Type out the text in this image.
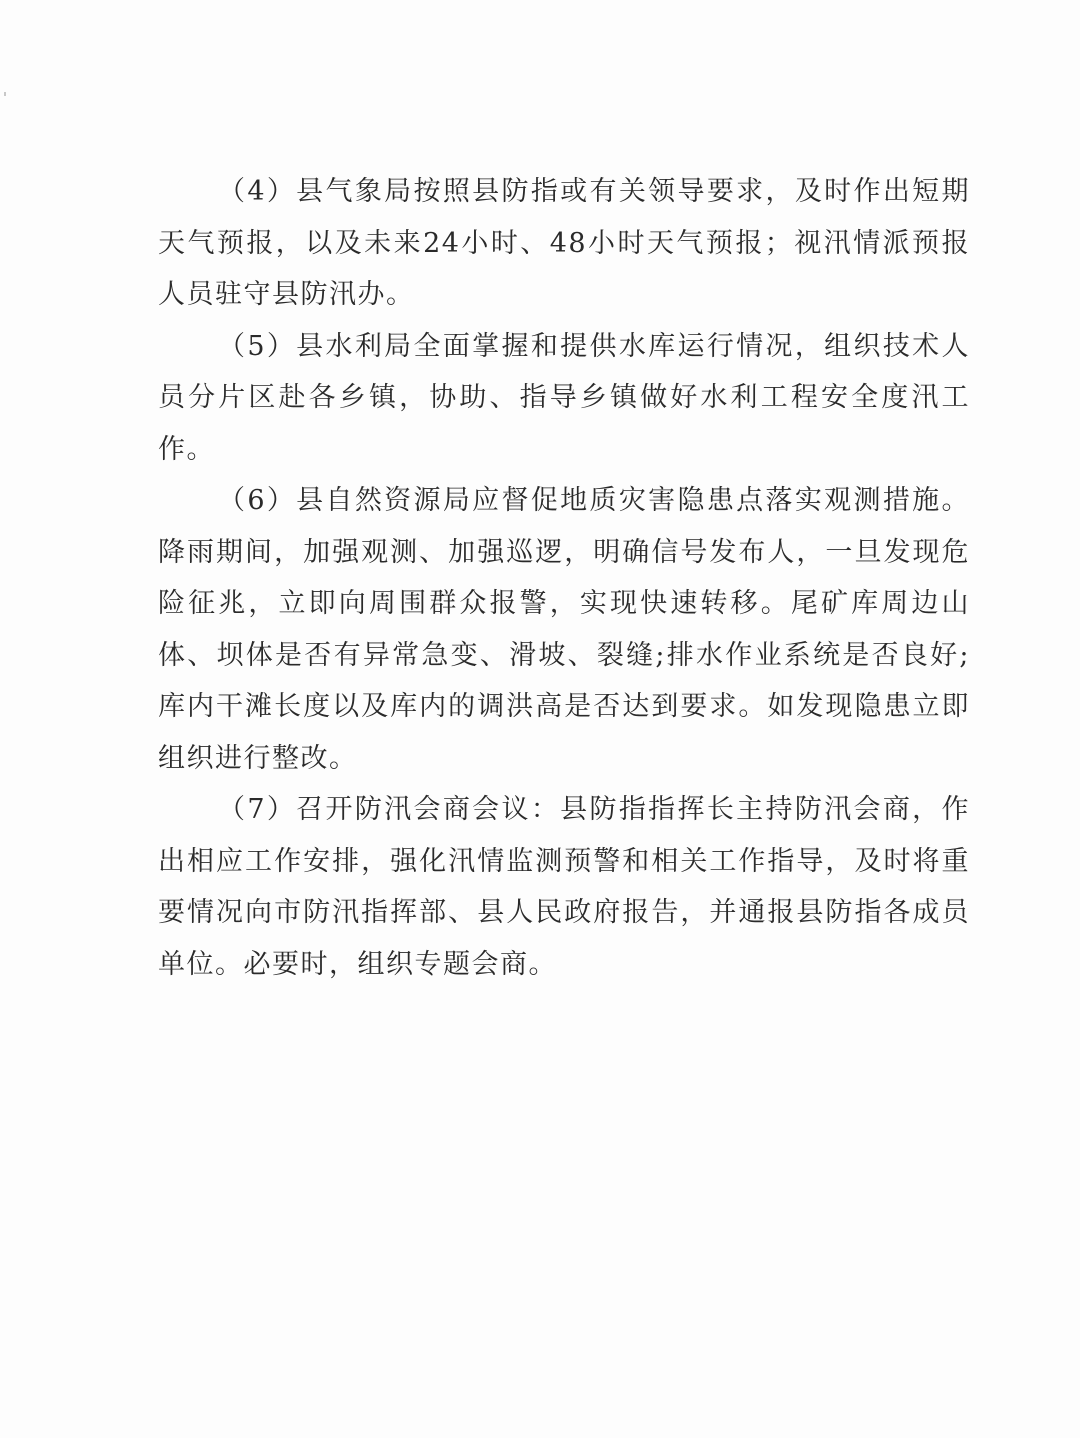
（4）县气象局按照县防指或有关领导要求，及时作出短期天气预报，以及未来24小时、48小时天气预报；视汛情派预报人员驻守县防汛办。

（5）县水利局全面掌握和提供水库运行情况，组织技术人员分片区赴各乡镇，协助、指导乡镇做好水利工程安全度汛工作。

（6）县自然资源局应督促地质灾害隐患点落实观测措施。降雨期间，加强观测、加强巡逻，明确信号发布人，一旦发现危险征兆，立即向周围群众报警，实现快速转移。尾矿库周边山体、坝体是否有异常急变、滑坡、裂缝;排水作业系统是否良好;库内干滩长度以及库内的调洪高是否达到要求。如发现隐患立即组织进行整改。

（7）召开防汛会商会议：县防指指挥长主持防汛会商，作出相应工作安排，强化汛情监测预警和相关工作指导，及时将重要情况向市防汛指挥部、县人民政府报告，并通报县防指各成员单位。必要时，组织专题会商。
